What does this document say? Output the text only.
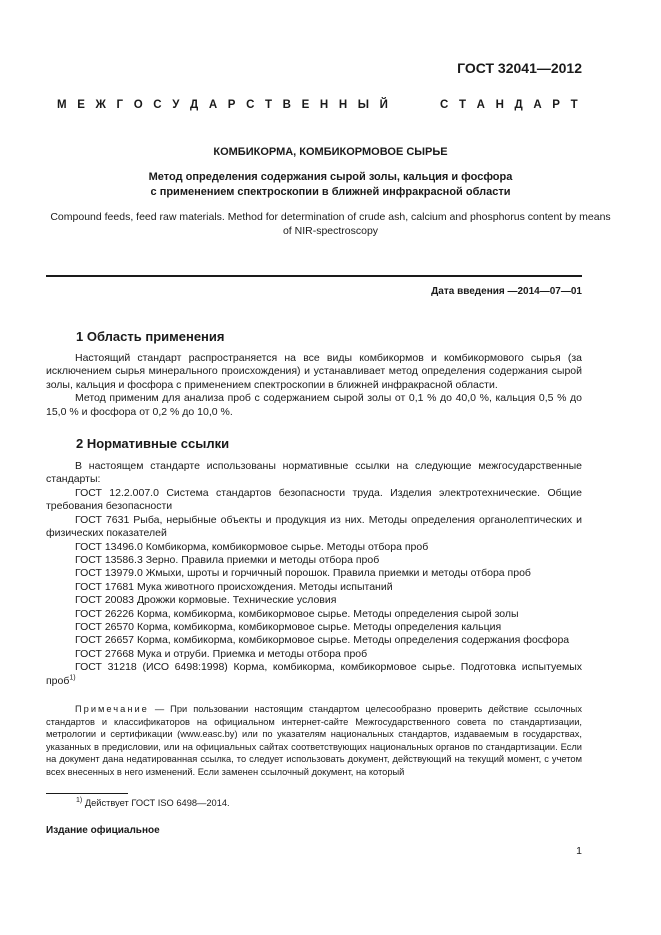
ГОСТ 32041—2012
М Е Ж Г О С У Д А Р С Т В Е Н Н Ы Й

	С Т А Н Д А Р Т
КОМБИКОРМА, КОМБИКОРМОВОЕ СЫРЬЕ
Метод определения содержания сырой золы, кальция и фосфора
с применением спектроскопии в ближней инфракрасной области
Compound feeds, feed raw materials. Method for determination of crude ash, calcium and phosphorus content by means
of NIR-spectroscopy
Дата введения —2014—07—01
1 Область применения

Настоящий стандарт распространяется на все виды комбикормов и комбикормового сырья (за исключением сырья минерального происхождения) и устанавливает метод определения содержания сырой золы, кальция и фосфора с применением спектроскопии в ближней инфракрасной области.

Метод применим для анализа проб с содержанием сырой золы от 0,1 % до 40,0 %, кальция 0,5 % до 15,0 % и фосфора от 0,2 % до 10,0 %.

2 Нормативные ссылки

В настоящем стандарте использованы нормативные ссылки на следующие межгосударственные стандарты:

ГОСТ 12.2.007.0 Система стандартов безопасности труда. Изделия электротехнические. Общие требования безопасности

ГОСТ 7631 Рыба, нерыбные объекты и продукция из них. Методы определения органолептических и физических показателей

ГОСТ 13496.0 Комбикорма, комбикормовое сырье. Методы отбора проб

ГОСТ 13586.3 Зерно. Правила приемки и методы отбора проб

ГОСТ 13979.0 Жмыхи, шроты и горчичный порошок. Правила приемки и методы отбора проб

ГОСТ 17681 Мука животного происхождения. Методы испытаний

ГОСТ 20083 Дрожжи кормовые. Технические условия

ГОСТ 26226 Корма, комбикорма, комбикормовое сырье. Методы определения сырой золы

ГОСТ 26570 Корма, комбикорма, комбикормовое сырье. Методы определения кальция

ГОСТ 26657 Корма, комбикорма, комбикормовое сырье. Методы определения содержания фосфора

ГОСТ 27668 Мука и отруби. Приемка и методы отбора проб

ГОСТ 31218 (ИСО 6498:1998) Корма, комбикорма, комбикормовое сырье. Подготовка испытуемых проб$^{1)}$

Примечание — При пользовании настоящим стандартом целесообразно проверить действие ссылочных стандартов и классификаторов на официальном интернет-сайте Межгосударственного совета по стандартизации, метрологии и сертификации (www.easc.by) или по указателям национальных стандартов, издаваемым в государствах, указанных в предисловии, или на официальных сайтах соответствующих национальных органов по стандартизации. Если на документ дана недатированная ссылка, то следует использовать документ, действующий на текущий момент, с учетом всех внесенных в него изменений. Если заменен ссылочный документ, на который

$^{1)}$ Действует ГОСТ ISO 6498—2014.
Издание официальное
1
